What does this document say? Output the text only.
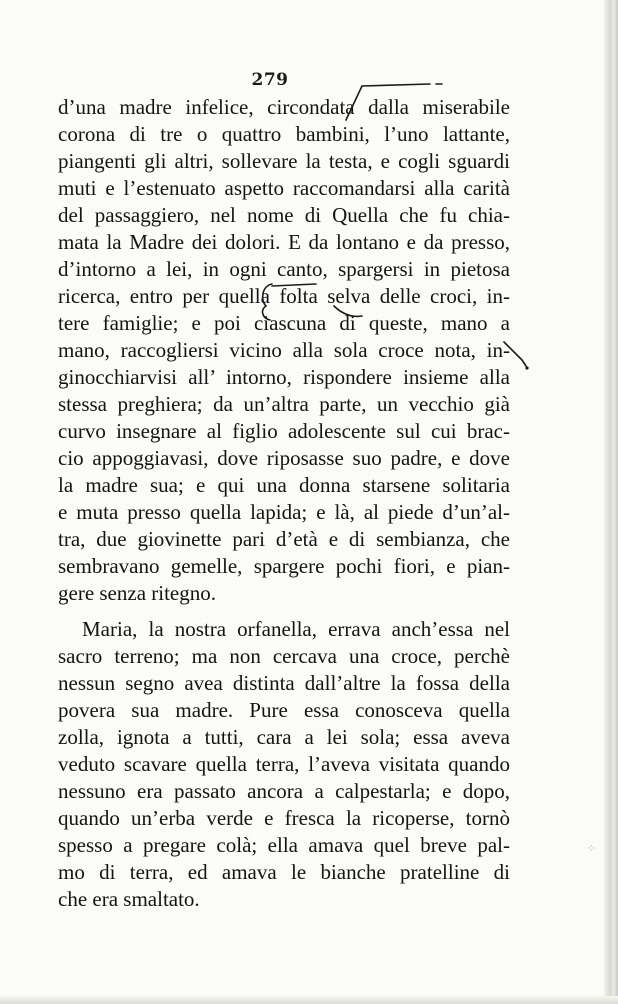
279
d’una madre infelice, circondata dalla miserabile
corona di tre o quattro bambini, l’uno lattante,
piangenti gli altri, sollevare la testa, e cogli sguardi
muti e l’estenuato aspetto raccomandarsi alla carità
del passaggiero, nel nome di Quella che fu chia-
mata la Madre dei dolori. E da lontano e da presso,
d’intorno a lei, in ogni canto, spargersi in pietosa
ricerca, entro per quella folta selva delle croci, in-
tere famiglie; e poi ciascuna di queste, mano a
mano, raccogliersi vicino alla sola croce nota, in-
ginocchiarvisi all’ intorno, rispondere insieme alla
stessa preghiera; da un’altra parte, un vecchio già
curvo insegnare al figlio adolescente sul cui brac-
cio appoggiavasi, dove riposasse suo padre, e dove
la madre sua; e qui una donna starsene solitaria
e muta presso quella lapida; e là, al piede d’un’al-
tra, due giovinette pari d’età e di sembianza, che
sembravano gemelle, spargere pochi fiori, e pian-
gere senza ritegno.
Maria, la nostra orfanella, errava anch’essa nel
sacro terreno; ma non cercava una croce, perchè
nessun segno avea distinta dall’altre la fossa della
povera sua madre. Pure essa conosceva quella
zolla, ignota a tutti, cara a lei sola; essa aveva
veduto scavare quella terra, l’aveva visitata quando
nessuno era passato ancora a calpestarla; e dopo,
quando un’erba verde e fresca la ricoperse, tornò
spesso a pregare colà; ella amava quel breve pal-
mo di terra, ed amava le bianche pratelline di
che era smaltato.
⁘
